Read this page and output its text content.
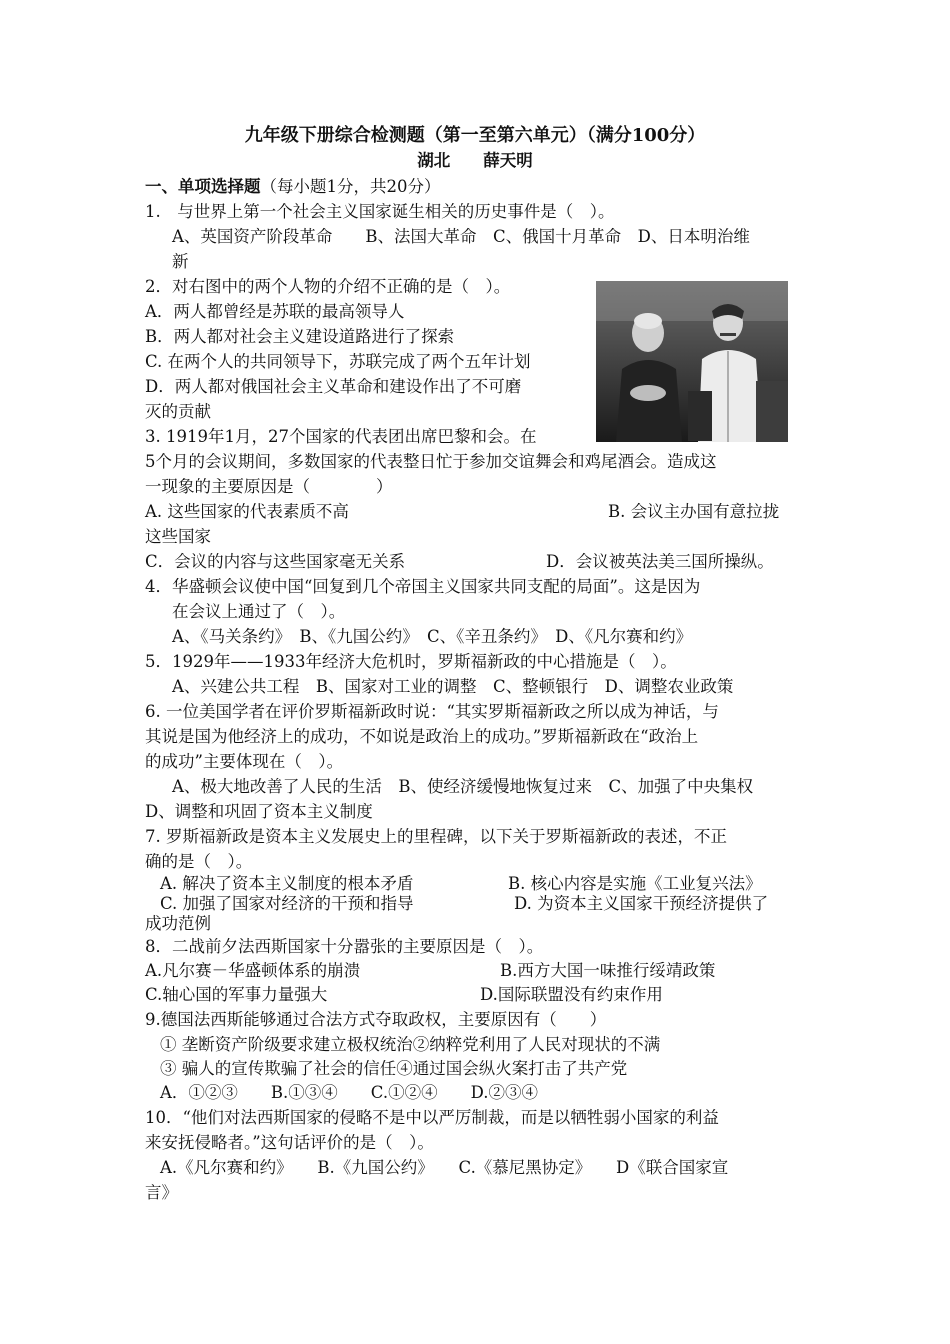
九年级下册综合检测题（第一至第六单元）（满分100分）
湖北　　薛天明
一、单项选择题（每小题1分，共20分）
1.　与世界上第一个社会主义国家诞生相关的历史事件是（　）。
A、英国资产阶段革命　　B、法国大革命　C、俄国十月革命　D、日本明治维
新
2．对右图中的两个人物的介绍不正确的是（　）。
A．两人都曾经是苏联的最高领导人
B．两人都对社会主义建设道路进行了探索
C. 在两个人的共同领导下，苏联完成了两个五年计划
D．两人都对俄国社会主义革命和建设作出了不可磨
灭的贡献
3. 1919年1月，27个国家的代表团出席巴黎和会。在
5个月的会议期间，多数国家的代表整日忙于参加交谊舞会和鸡尾酒会。造成这
一现象的主要原因是（　　　　）
A. 这些国家的代表素质不高	B. 会议主办国有意拉拢
这些国家
C．会议的内容与这些国家毫无关系	D．会议被英法美三国所操纵。
4．华盛顿会议使中国“回复到几个帝国主义国家共同支配的局面”。这是因为
在会议上通过了（　）。
A、《马关条约》　B、《九国公约》　C、《辛丑条约》　D、《凡尔赛和约》
5．1929年——1933年经济大危机时，罗斯福新政的中心措施是（　）。
A、兴建公共工程　B、国家对工业的调整　C、整顿银行　D、调整农业政策
6. 一位美国学者在评价罗斯福新政时说：“其实罗斯福新政之所以成为神话，与
其说是国为他经济上的成功，不如说是政治上的成功。”罗斯福新政在“政治上
的成功”主要体现在（　）。
A、极大地改善了人民的生活　B、使经济缓慢地恢复过来　C、加强了中央集权
D、调整和巩固了资本主义制度
7. 罗斯福新政是资本主义发展史上的里程碑，以下关于罗斯福新政的表述，不正
确的是（　）。
A. 解决了资本主义制度的根本矛盾	B. 核心内容是实施《工业复兴法》
C. 加强了国家对经济的干预和指导	D. 为资本主义国家干预经济提供了
成功范例
8．二战前夕法西斯国家十分嚣张的主要原因是（　）。
A.凡尔赛－华盛顿体系的崩溃	B.西方大国一味推行绥靖政策
C.轴心国的军事力量强大	D.国际联盟没有约束作用
9.德国法西斯能够通过合法方式夺取政权，主要原因有（　　）
① 垄断资产阶级要求建立极权统治②纳粹党利用了人民对现状的不满
③ 骗人的宣传欺骗了社会的信任④通过国会纵火案打击了共产党
A．①②③　　B.①③④　　C.①②④　　D.②③④
10．“他们对法西斯国家的侵略不是中以严厉制裁，而是以牺牲弱小国家的利益
来安抚侵略者。”这句话评价的是（　）。
A.《凡尔赛和约》　　B.《九国公约》　　C.《慕尼黑协定》　　D《联合国家宣
言》
